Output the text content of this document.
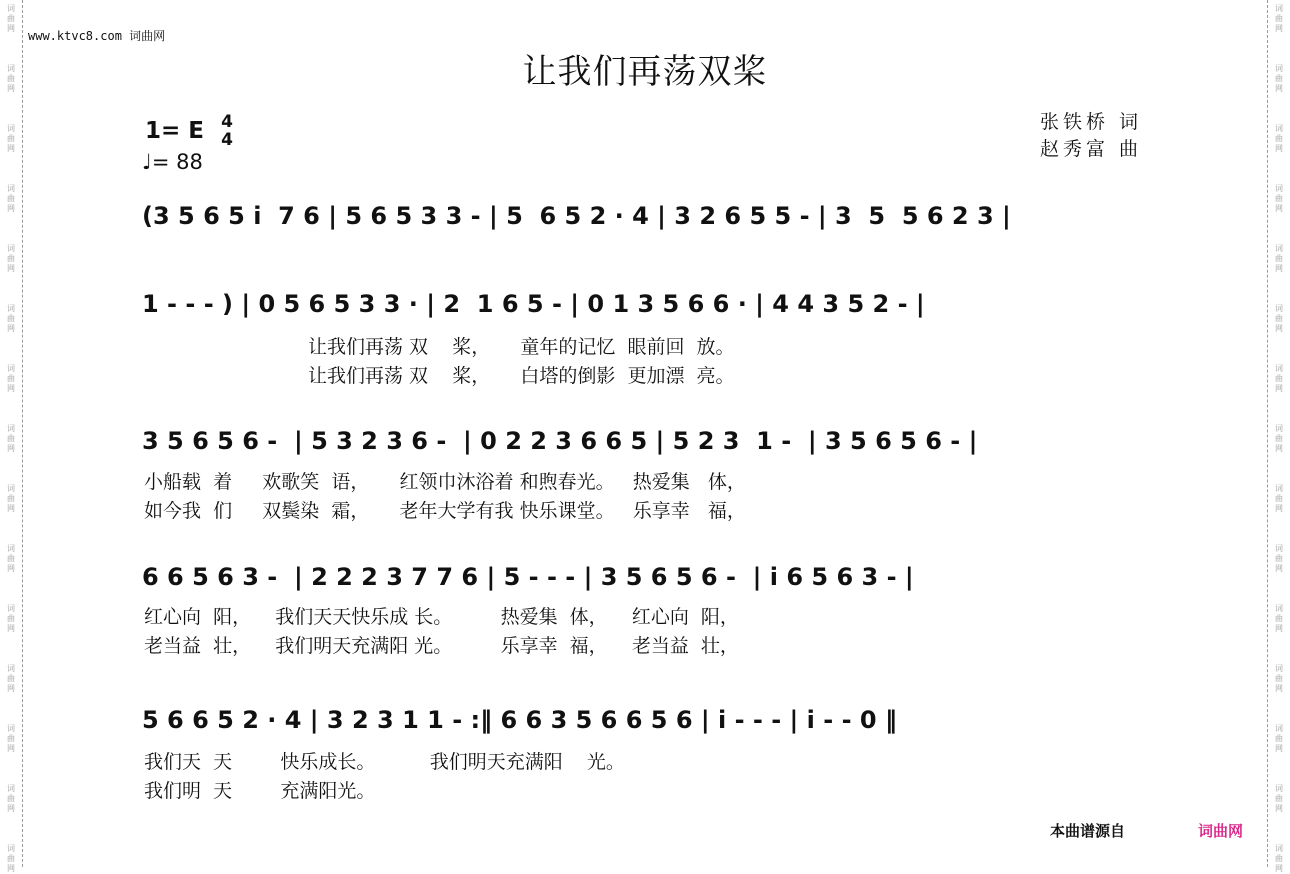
词
曲
网
词
曲
网
词
曲
网
词
曲
网
词
曲
网
词
曲
网
词
曲
网
词
曲
网
词
曲
网
词
曲
网
词
曲
网
词
曲
网
词
曲
网
词
曲
网
词
曲
网
词
曲
网
词
曲
网
词
曲
网
词
曲
网
词
曲
网
词
曲
网
词
曲
网
词
曲
网
词
曲
网
词
曲
网
词
曲
网
词
曲
网
词
曲
网
词
曲
网
词
曲
网
www.ktvc8.com 词曲网
让我们再荡双桨
1= E 4
4
♩= 88
张铁桥 词
赵秀富 曲
(3 5 6 5 i  7 6 | 5 6 5 3 3 - | 5  6 5 2 · 4 | 3 2 6 5 5 - | 3  5  5 6 2 3 |
1 - - - ) | 0 5 6 5 3 3 · | 2  1 6 5 - | 0 1 3 5 6 6 · | 4 4 3 5 2 - |
让我们再荡 双    桨，     童年的记忆  眼前回  放。
让我们再荡 双    桨，     白塔的倒影  更加漂  亮。
3 5 6 5 6 -  | 5 3 2 3 6 -  | 0 2 2 3 6 6 5 | 5 2 3  1 -  | 3 5 6 5 6 - |
小船载  着     欢歌笑  语，     红领巾沐浴着 和煦春光。   热爱集   体，
如今我  们     双鬓染  霜，     老年大学有我 快乐课堂。   乐享幸   福，
6 6 5 6 3 -  | 2 2 2 3 7 7 6 | 5 - - - | 3 5 6 5 6 -  | i 6 5 6 3 - |
红心向  阳，    我们天天快乐成 长。        热爱集  体，    红心向  阳，
老当益  壮，    我们明天充满阳 光。        乐享幸  福，    老当益  壮，
5 6 6 5 2 · 4 | 3 2 3 1 1 - :‖ 6 6 3 5 6 6 5 6 | i - - - | i - - 0 ‖
我们天  天        快乐成长。         我们明天充满阳    光。
我们明  天        充满阳光。
本曲谱源自	词曲网
